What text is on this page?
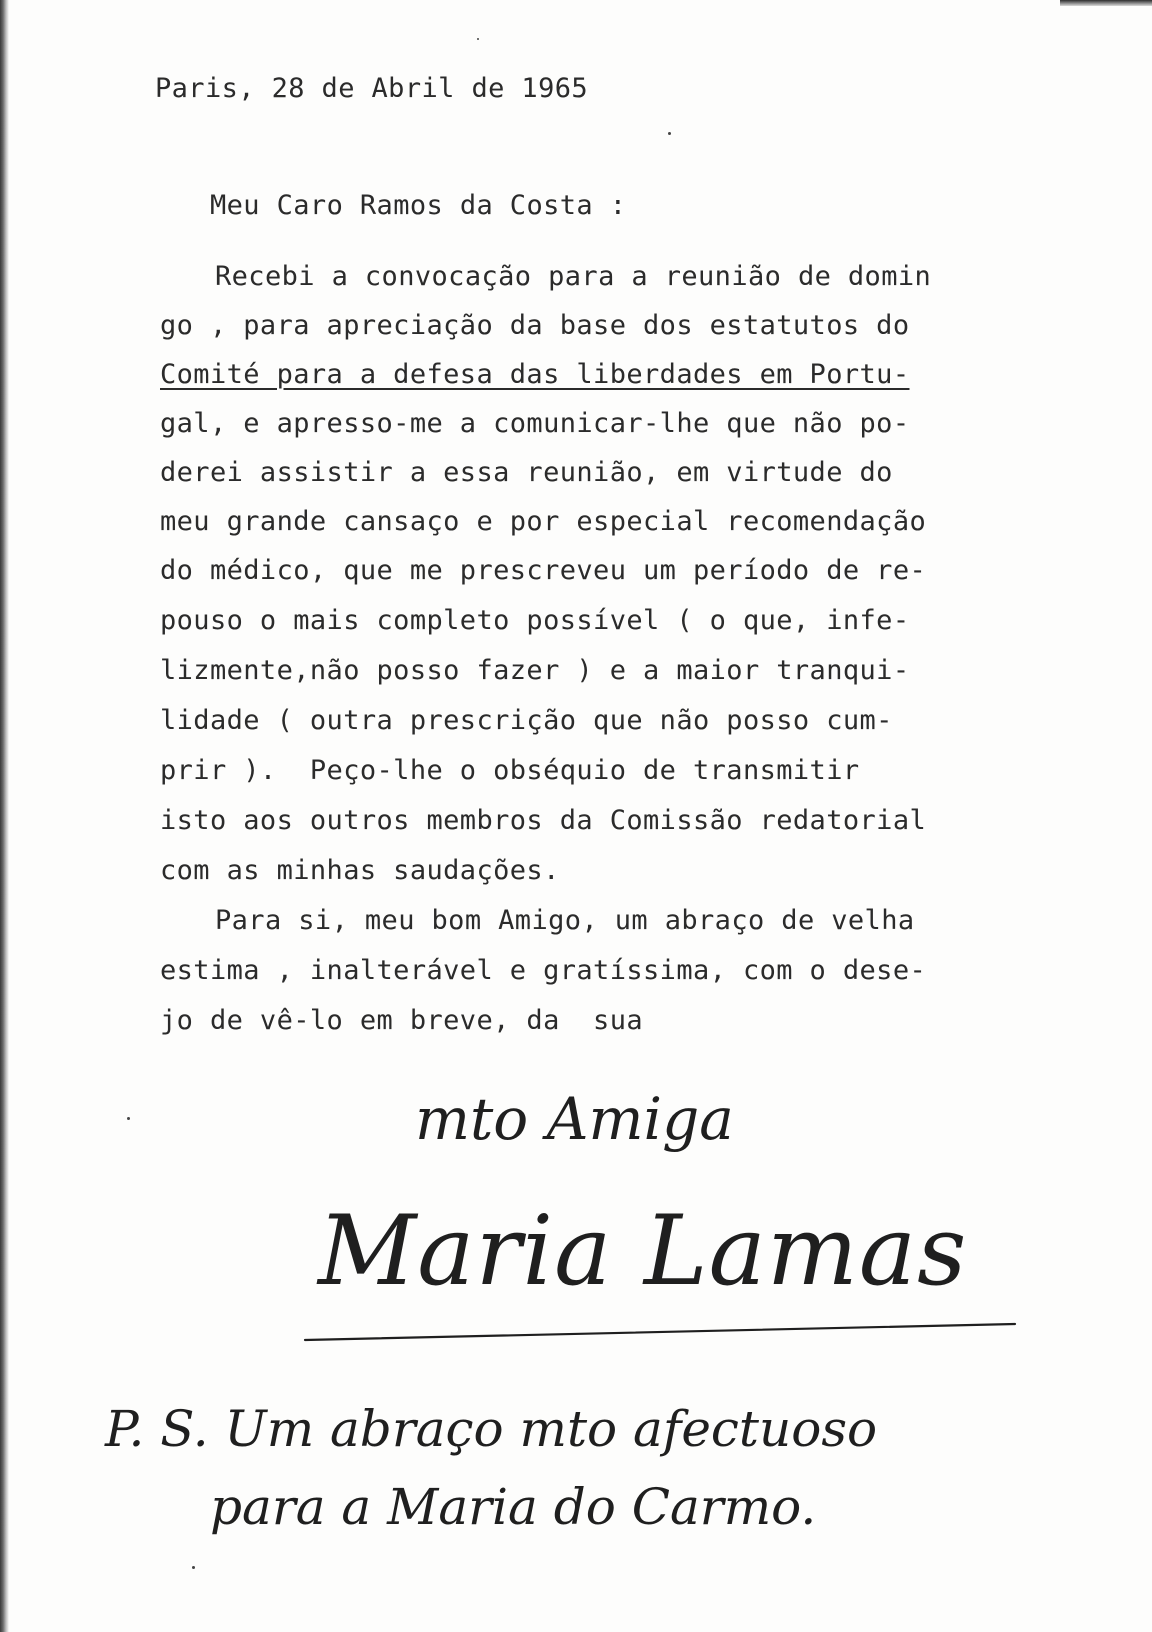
Paris, 28 de Abril de 1965
Meu Caro Ramos da Costa :
Recebi a convocação para a reunião de domin
go , para apreciação da base dos estatutos do
Comité para a defesa das liberdades em Portu-
gal, e apresso-me a comunicar-lhe que não po-
derei assistir a essa reunião, em virtude do
meu grande cansaço e por especial recomendação
do médico, que me prescreveu um período de re-
pouso o mais completo possível ( o que, infe-
lizmente,não posso fazer ) e a maior tranqui-
lidade ( outra prescrição que não posso cum-
prir ).  Peço-lhe o obséquio de transmitir
isto aos outros membros da Comissão redatorial
com as minhas saudações.
Para si, meu bom Amigo, um abraço de velha
estima , inalterável e gratíssima, com o dese-
jo de vê-lo em breve, da  sua
mto Amiga
Maria Lamas
P. S. Um abraço mto afectuoso
para a Maria do Carmo.
